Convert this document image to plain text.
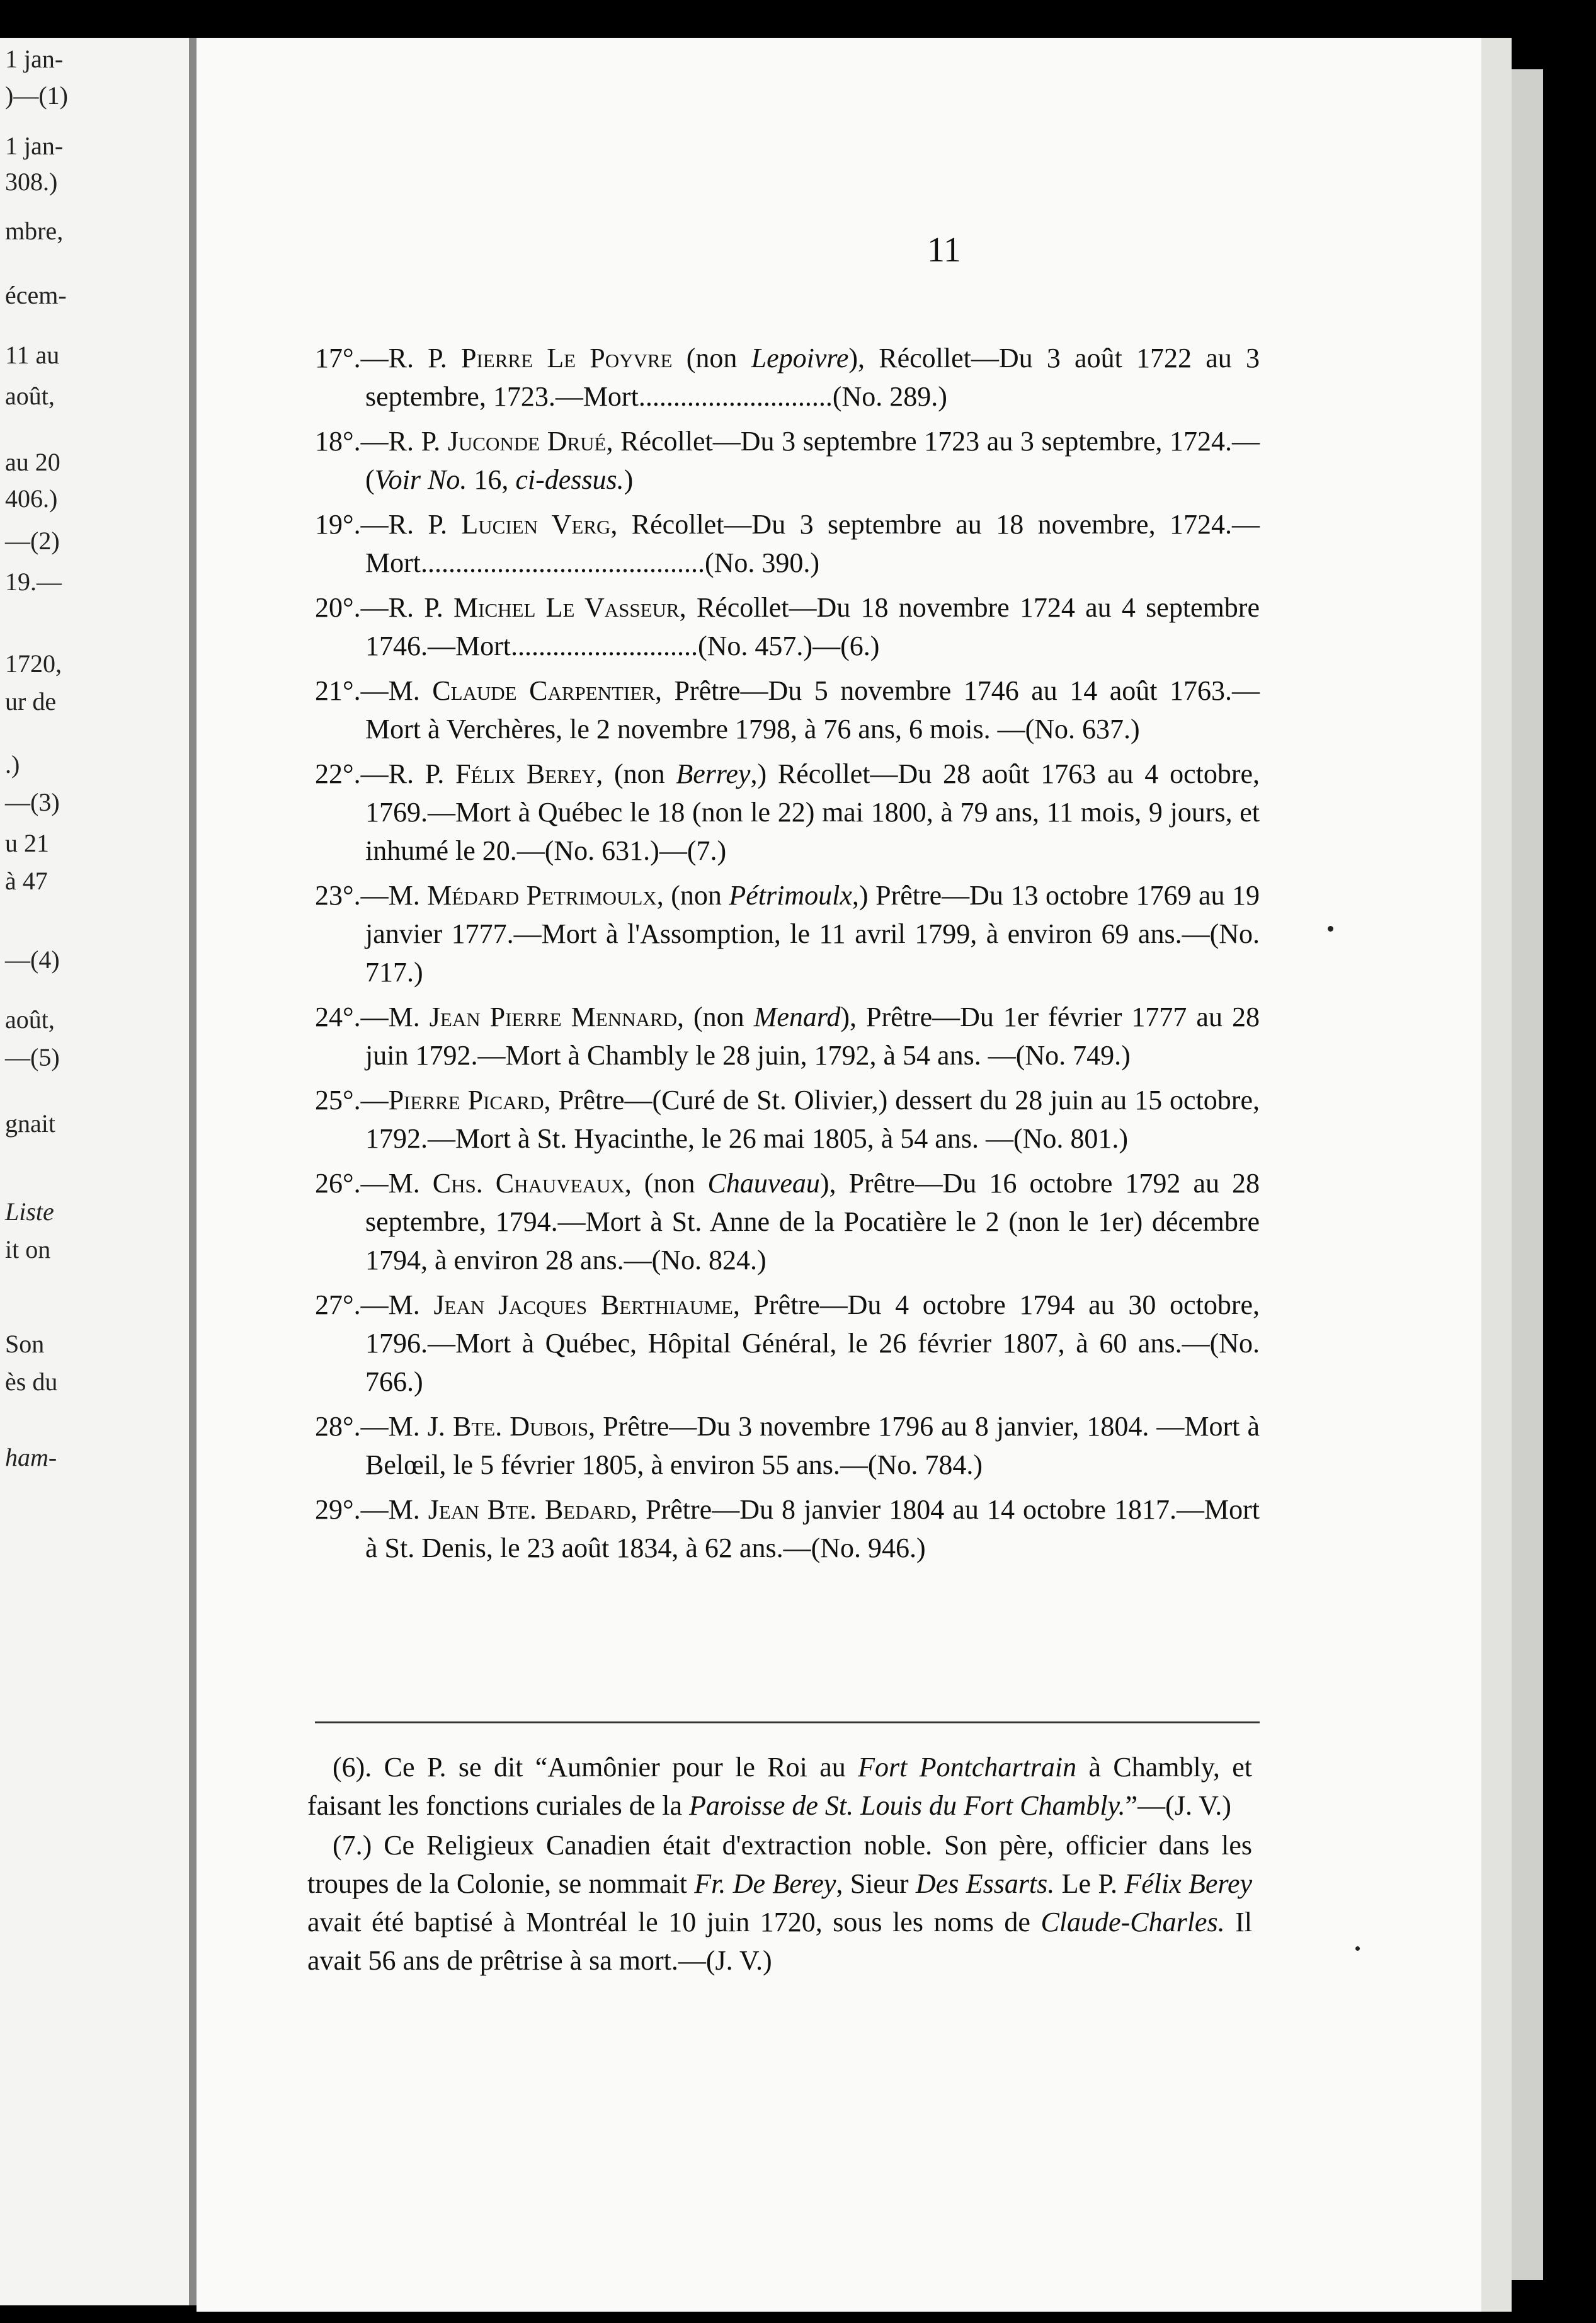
1 jan-
)—(1)
1 jan-
308.)
mbre,
écem-
11 au
août,
au 20
406.)
—(2)
19.—
1720,
ur de
.)
—(3)
u 21
à 47
—(4)
août,
—(5)
gnait
Liste
it on
Son
ès du
ham-
11

17°.—R. P. Pierre Le Poyvre (non Lepoivre), Récollet—Du 3 août 1722 au 3 septembre, 1723.—Mort............................(No. 289.)

18°.—R. P. Juconde Drué, Récollet—Du 3 septembre 1723 au 3 septembre, 1724.—(Voir No. 16, ci-dessus.)

19°.—R. P. Lucien Verg, Récollet—Du 3 septembre au 18 novembre, 1724.—Mort.........................................(No. 390.)

20°.—R. P. Michel Le Vasseur, Récollet—Du 18 novembre 1724 au 4 septembre 1746.—Mort...........................(No. 457.)—(6.)

21°.—M. Claude Carpentier, Prêtre—Du 5 novembre 1746 au 14 août 1763.—Mort à Verchères, le 2 novembre 1798, à 76 ans, 6 mois. —(No. 637.)

22°.—R. P. Félix Berey, (non Berrey,) Récollet—Du 28 août 1763 au 4 octobre, 1769.—Mort à Québec le 18 (non le 22) mai 1800, à 79 ans, 11 mois, 9 jours, et inhumé le 20.—(No. 631.)—(7.)

23°.—M. Médard Petrimoulx, (non Pétrimoulx,) Prêtre—Du 13 octobre 1769 au 19 janvier 1777.—Mort à l'Assomption, le 11 avril 1799, à environ 69 ans.—(No. 717.)

24°.—M. Jean Pierre Mennard, (non Menard), Prêtre—Du 1er février 1777 au 28 juin 1792.—Mort à Chambly le 28 juin, 1792, à 54 ans. —(No. 749.)

25°.—Pierre Picard, Prêtre—(Curé de St. Olivier,) dessert du 28 juin au 15 octobre, 1792.—Mort à St. Hyacinthe, le 26 mai 1805, à 54 ans. —(No. 801.)

26°.—M. Chs. Chauveaux, (non Chauveau), Prêtre—Du 16 octobre 1792 au 28 septembre, 1794.—Mort à St. Anne de la Pocatière le 2 (non le 1er) décembre 1794, à environ 28 ans.—(No. 824.)

27°.—M. Jean Jacques Berthiaume, Prêtre—Du 4 octobre 1794 au 30 octobre, 1796.—Mort à Québec, Hôpital Général, le 26 février 1807, à 60 ans.—(No. 766.)

28°.—M. J. Bte. Dubois, Prêtre—Du 3 novembre 1796 au 8 janvier, 1804. —Mort à Belœil, le 5 février 1805, à environ 55 ans.—(No. 784.)

29°.—M. Jean Bte. Bedard, Prêtre—Du 8 janvier 1804 au 14 octobre 1817.—Mort à St. Denis, le 23 août 1834, à 62 ans.—(No. 946.)

(6). Ce P. se dit “Aumônier pour le Roi au Fort Pontchartrain à Chambly, et faisant les fonctions curiales de la Paroisse de St. Louis du Fort Chambly.”—(J. V.)

(7.) Ce Religieux Canadien était d'extraction noble. Son père, officier dans les troupes de la Colonie, se nommait Fr. De Berey, Sieur Des Essarts. Le P. Félix Berey avait été baptisé à Montréal le 10 juin 1720, sous les noms de Claude-Charles. Il avait 56 ans de prêtrise à sa mort.—(J. V.)
